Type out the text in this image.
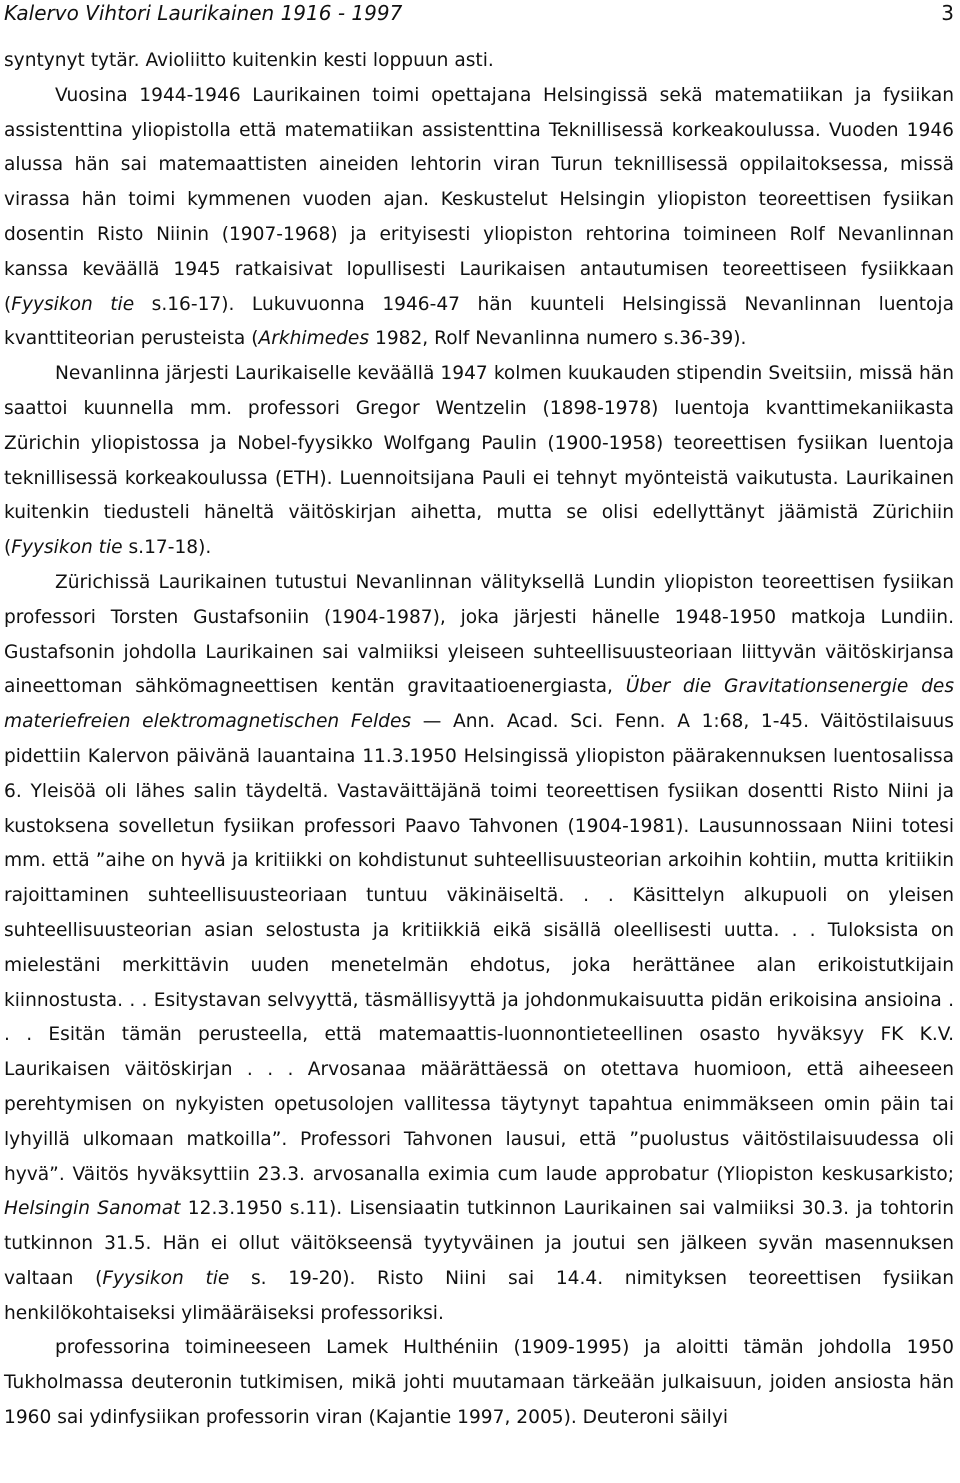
Kalervo Vihtori Laurikainen 1916 - 1997	3

syntynyt tytär. Avioliitto kuitenkin kesti loppuun asti.

Vuosina 1944-1946 Laurikainen toimi opettajana Helsingissä sekä matematiikan ja fysiikan assistenttina yliopistolla että matematiikan assistenttina Teknillisessä korkeakoulussa. Vuoden 1946 alussa hän sai matemaattisten aineiden lehtorin viran Turun teknillisessä oppilaitoksessa, missä virassa hän toimi kymmenen vuoden ajan. Keskustelut Helsingin yliopiston teoreettisen fysiikan dosentin Risto Niinin (1907-1968) ja erityisesti yliopiston rehtorina toimineen Rolf Nevanlinnan kanssa keväällä 1945 ratkaisivat lopullisesti Laurikaisen antautumisen teoreettiseen fysiikkaan (Fyysikon tie s.16-17). Lukuvuonna 1946-47 hän kuunteli Helsingissä Nevanlinnan luentoja kvanttiteorian perusteista (Arkhimedes 1982, Rolf Nevanlinna numero s.36-39).

Nevanlinna järjesti Laurikaiselle keväällä 1947 kolmen kuukauden stipendin Sveitsiin, missä hän saattoi kuunnella mm. professori Gregor Wentzelin (1898-1978) luentoja kvanttimekaniikasta Zürichin yliopistossa ja Nobel-fyysikko Wolfgang Paulin (1900-1958) teoreettisen fysiikan luentoja teknillisessä korkeakoulussa (ETH). Luennoitsijana Pauli ei tehnyt myönteistä vaikutusta. Laurikainen kuitenkin tiedusteli häneltä väitöskirjan aihetta, mutta se olisi edellyttänyt jäämistä Zürichiin (Fyysikon tie s.17-18).

Zürichissä Laurikainen tutustui Nevanlinnan välityksellä Lundin yliopiston teoreettisen fysiikan professori Torsten Gustafsoniin (1904-1987), joka järjesti hänelle 1948-1950 matkoja Lundiin. Gustafsonin johdolla Laurikainen sai valmiiksi yleiseen suhteellisuusteoriaan liittyvän väitöskirjansa aineettoman sähkömagneettisen kentän gravitaatioenergiasta, Über die Gravitationsenergie des materiefreien elektromagnetischen Feldes — Ann. Acad. Sci. Fenn. A 1:68, 1-45. Väitöstilaisuus pidettiin Kalervon päivänä lauantaina 11.3.1950 Helsingissä yliopiston päärakennuksen luentosalissa 6. Yleisöä oli lähes salin täydeltä. Vastaväittäjänä toimi teoreettisen fysiikan dosentti Risto Niini ja kustoksena sovelletun fysiikan professori Paavo Tahvonen (1904-1981). Lausunnossaan Niini totesi mm. että ”aihe on hyvä ja kritiikki on kohdistunut suhteellisuusteorian arkoihin kohtiin, mutta kritiikin rajoittaminen suhteellisuusteoriaan tuntuu väkinäiseltä. . . Käsittelyn alkupuoli on yleisen suhteellisuusteorian asian selostusta ja kritiikkiä eikä sisällä oleellisesti uutta. . . Tuloksista on mielestäni merkittävin uuden menetelmän ehdotus, joka herättänee alan erikoistutkijain kiinnostusta. . . Esitystavan selvyyttä, täsmällisyyttä ja johdonmukaisuutta pidän erikoisina ansioina . . . Esitän tämän perusteella, että matemaattis-luonnontieteellinen osasto hyväksyy FK K.V. Laurikaisen väitöskirjan . . . Arvosanaa määrättäessä on otettava huomioon, että aiheeseen perehtymisen on nykyisten opetusolojen vallitessa täytynyt tapahtua enimmäkseen omin päin tai lyhyillä ulkomaan matkoilla”. Professori Tahvonen lausui, että ”puolustus väitöstilaisuudessa oli hyvä”. Väitös hyväksyttiin 23.3. arvosanalla eximia cum laude approbatur (Yliopiston keskusarkisto; Helsingin Sanomat 12.3.1950 s.11). Lisensiaatin tutkinnon Laurikainen sai valmiiksi 30.3. ja tohtorin tutkinnon 31.5. Hän ei ollut väitökseensä tyytyväinen ja joutui sen jälkeen syvän masennuksen valtaan (Fyysikon tie s. 19-20). Risto Niini sai 14.4. nimityksen teoreettisen fysiikan henkilökohtaiseksi ylimääräiseksi professoriksi.

professorina toimineeseen Lamek Hulthéniin (1909-1995) ja aloitti tämän johdolla 1950 Tukholmassa deuteronin tutkimisen, mikä johti muutamaan tärkeään julkaisuun, joiden ansiosta hän 1960 sai ydinfysiikan professorin viran (Kajantie 1997, 2005). Deuteroni säilyi
